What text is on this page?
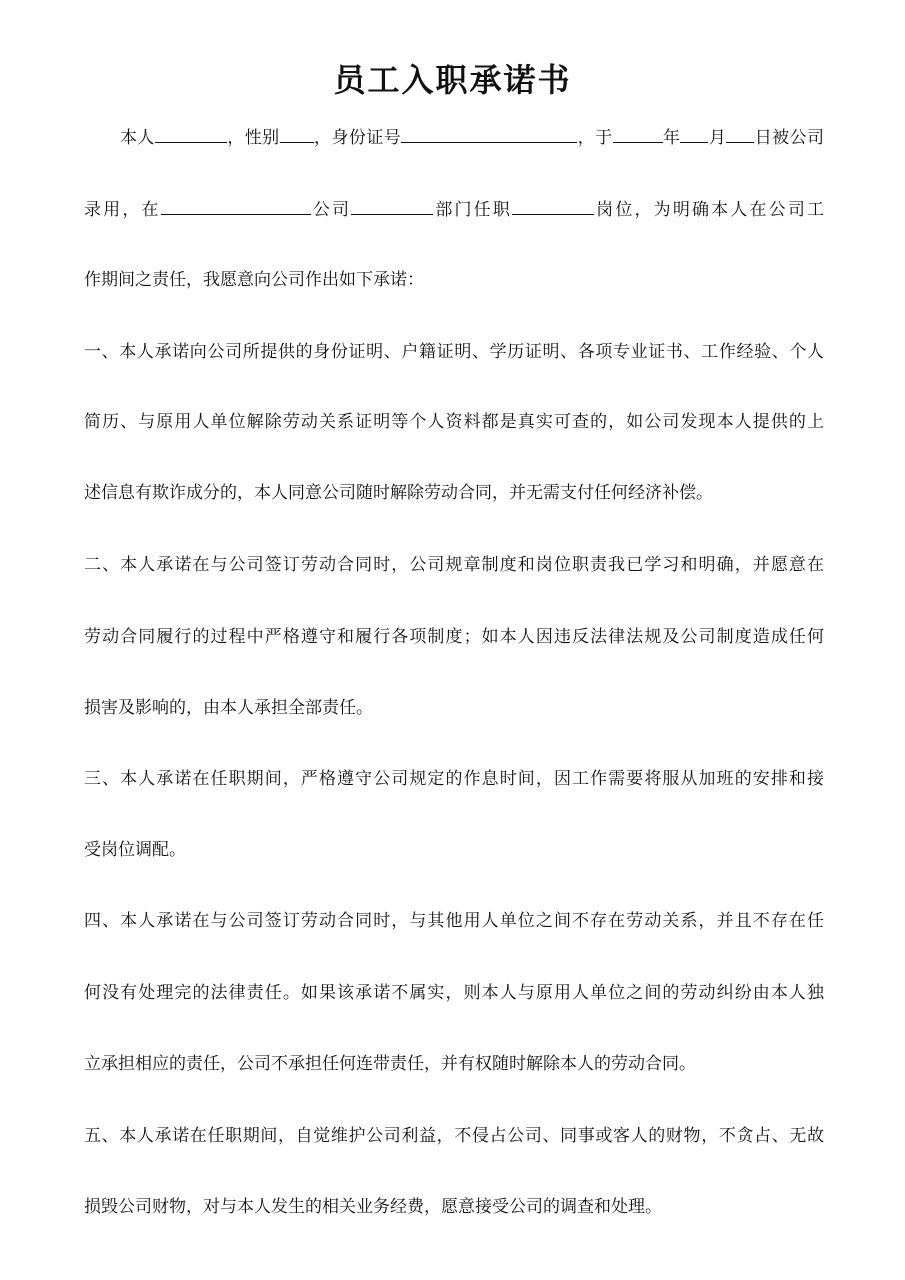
员工入职承诺书
本人	，性别 ，身份证号	，于	年 月 日被公司
录用，在	公司	部门任职	岗位，为明确本人在公司工
作期间之责任，我愿意向公司作出如下承诺：
一、本人承诺向公司所提供的身份证明、户籍证明、学历证明、各项专业证书、工作经验、个人
简历、与原用人单位解除劳动关系证明等个人资料都是真实可查的，如公司发现本人提供的上
述信息有欺诈成分的，本人同意公司随时解除劳动合同，并无需支付任何经济补偿。
二、本人承诺在与公司签订劳动合同时，公司规章制度和岗位职责我已学习和明确，并愿意在
劳动合同履行的过程中严格遵守和履行各项制度；如本人因违反法律法规及公司制度造成任何
损害及影响的，由本人承担全部责任。
三、本人承诺在任职期间，严格遵守公司规定的作息时间，因工作需要将服从加班的安排和接
受岗位调配。
四、本人承诺在与公司签订劳动合同时，与其他用人单位之间不存在劳动关系，并且不存在任
何没有处理完的法律责任。如果该承诺不属实，则本人与原用人单位之间的劳动纠纷由本人独
立承担相应的责任，公司不承担任何连带责任，并有权随时解除本人的劳动合同。
五、本人承诺在任职期间，自觉维护公司利益，不侵占公司、同事或客人的财物，不贪占、无故
损毁公司财物，对与本人发生的相关业务经费，愿意接受公司的调查和处理。
